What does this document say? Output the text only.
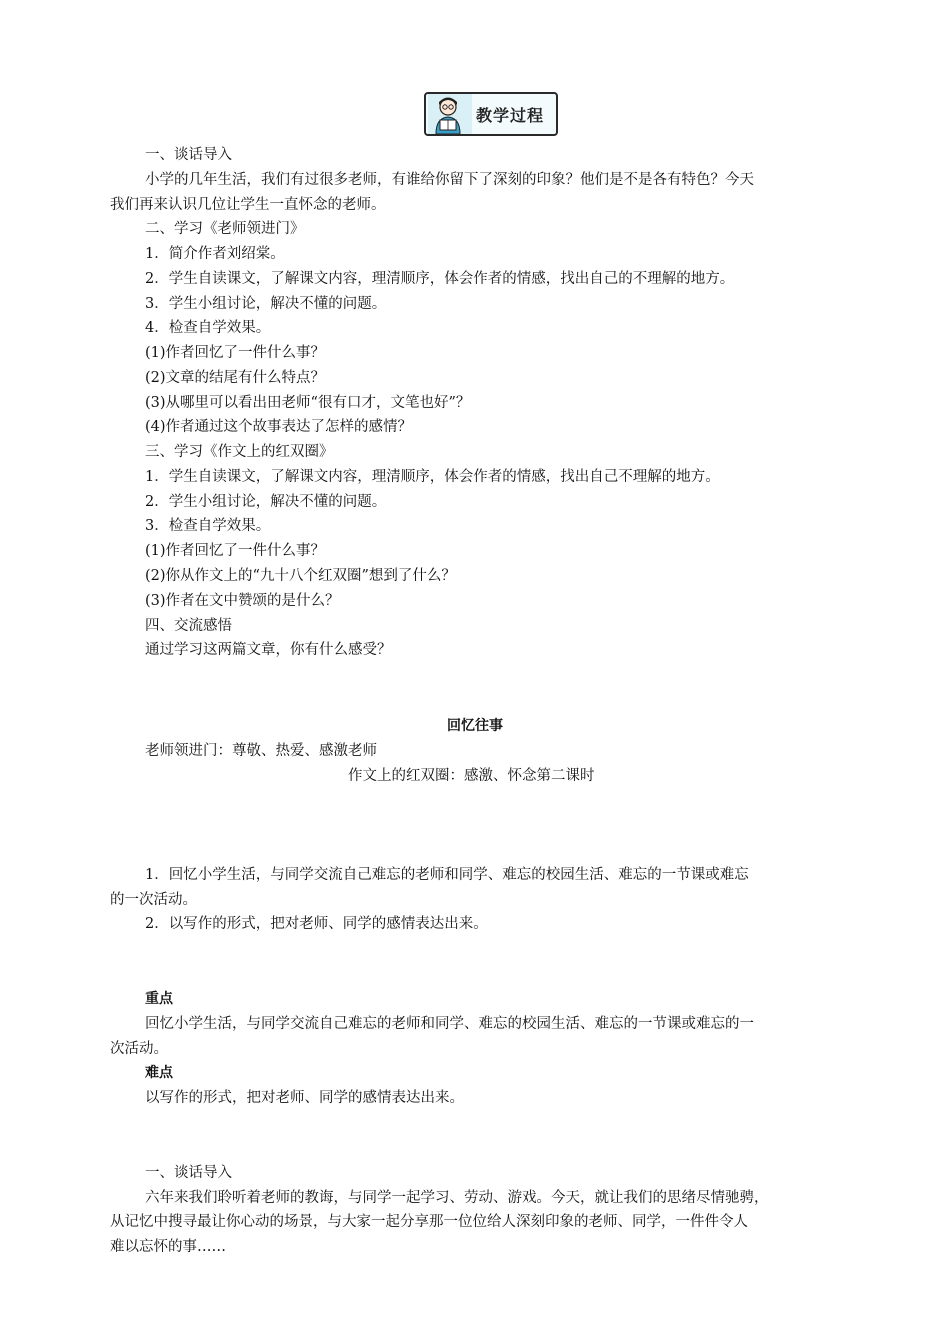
教学过程
一、谈话导入
小学的几年生活，我们有过很多老师，有谁给你留下了深刻的印象？他们是不是各有特色？今天
我们再来认识几位让学生一直怀念的老师。
二、学习《老师领进门》
1．简介作者刘绍棠。
2．学生自读课文，了解课文内容，理清顺序，体会作者的情感，找出自己的不理解的地方。
3．学生小组讨论，解决不懂的问题。
4．检查自学效果。
(1)作者回忆了一件什么事？
(2)文章的结尾有什么特点？
(3)从哪里可以看出田老师“很有口才，文笔也好”？
(4)作者通过这个故事表达了怎样的感情？
三、学习《作文上的红双圈》
1．学生自读课文，了解课文内容，理清顺序，体会作者的情感，找出自己不理解的地方。
2．学生小组讨论，解决不懂的问题。
3．检查自学效果。
(1)作者回忆了一件什么事？
(2)你从作文上的“九十八个红双圈”想到了什么？
(3)作者在文中赞颂的是什么？
四、交流感悟
通过学习这两篇文章，你有什么感受？
回忆往事
老师领进门：尊敬、热爱、感激老师
作文上的红双圈：感激、怀念第二课时
1．回忆小学生活，与同学交流自己难忘的老师和同学、难忘的校园生活、难忘的一节课或难忘
的一次活动。
2．以写作的形式，把对老师、同学的感情表达出来。
重点
回忆小学生活，与同学交流自己难忘的老师和同学、难忘的校园生活、难忘的一节课或难忘的一
次活动。
难点
以写作的形式，把对老师、同学的感情表达出来。
一、谈话导入
六年来我们聆听着老师的教诲，与同学一起学习、劳动、游戏。今天，就让我们的思绪尽情驰骋，
从记忆中搜寻最让你心动的场景，与大家一起分享那一位位给人深刻印象的老师、同学，一件件令人
难以忘怀的事……
